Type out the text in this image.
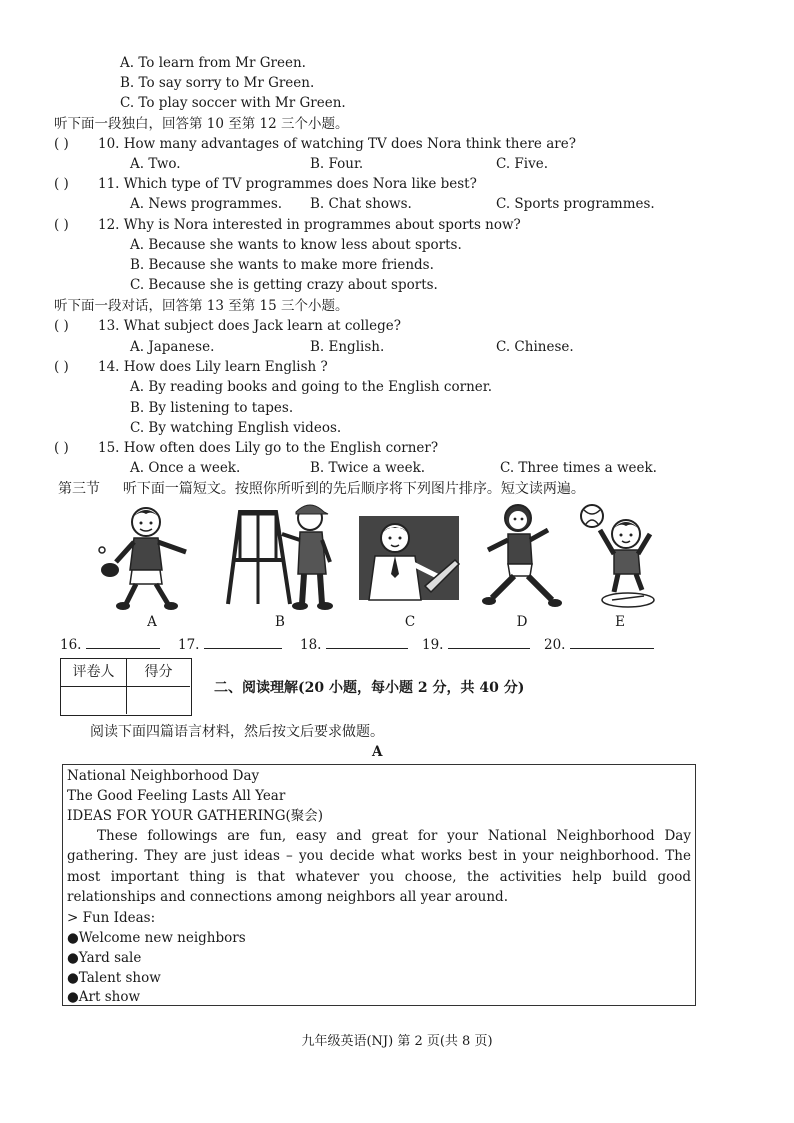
A. To learn from Mr Green.
B. To say sorry to Mr Green.
C. To play soccer with Mr Green.
听下面一段独白，回答第 10 至第 12 三个小题。
( ) 10. How many advantages of watching TV does Nora think there are?
A. Two.	B. Four.	C. Five.
( ) 11. Which type of TV programmes does Nora like best?
A. News programmes. B. Chat shows.	C. Sports programmes.
( ) 12. Why is Nora interested in programmes about sports now?
A. Because she wants to know less about sports.
B. Because she wants to make more friends.
C. Because she is getting crazy about sports.
听下面一段对话，回答第 13 至第 15 三个小题。
( ) 13. What subject does Jack learn at college?
A. Japanese.	B. English.	C. Chinese.
( ) 14. How does Lily learn English ?
A. By reading books and going to the English corner.
B. By listening to tapes.
C. By watching English videos.
( ) 15. How often does Lily go to the English corner?
A. Once a week.	B. Twice a week.	C. Three times a week.
第三节 听下面一篇短文。按照你所听到的先后顺序将下列图片排序。短文读两遍。
A	B	C	D	E
16.	17.	18.	19.	20.
评卷人	得分
二、阅读理解(20 小题，每小题 2 分，共 40 分)
阅读下面四篇语言材料，然后按文后要求做题。
A
National Neighborhood Day
The Good Feeling Lasts All Year
IDEAS FOR YOUR GATHERING(聚会)
These followings are fun, easy and great for your National Neighborhood Day gathering. They are just ideas – you decide what works best in your neighborhood. The most important thing is that whatever you choose, the activities help build good relationships and connections among neighbors all year around.
> Fun Ideas:
●Welcome new neighbors
●Yard sale
●Talent show
●Art show
九年级英语(NJ) 第 2 页(共 8 页)
